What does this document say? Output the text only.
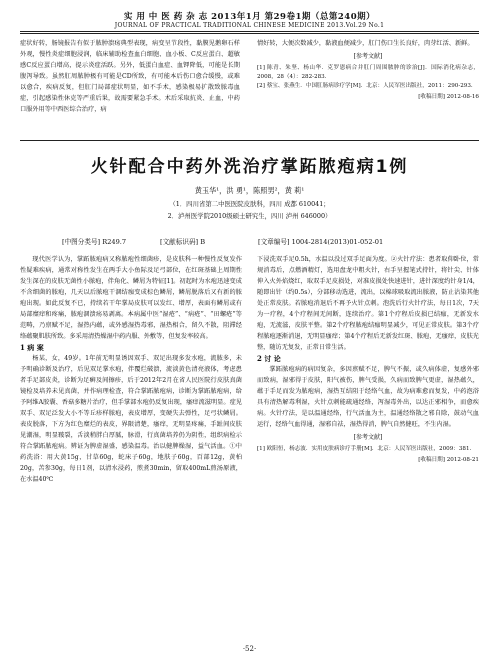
实 用 中 医 药 杂 志 2013年1月 第29卷1期（总第240期）
JOURNAL OF PRACTICAL TRADITIONAL CHINESE MEDICINE 2013.Vol.29 No.1

症状好转，肠镜报告有似于脓肿溃疡典型表现，病变呈节段性，黏膜见鹅卵石样外观，慢性炎症细胞浸润，临床辅助检查血白细胞、血小板、C反应蛋白、超敏感C反应蛋白增高，提示炎症活跃。另外，低蛋白血症、血钾降低，可能是长期腹泻导致。虽然肛周脓肿极有可能是CD所致，有可能本后伤口愈合缓慢，或难以愈合，疾病反复，但肛门局部症状明显，如不手术，感染极易扩散致脓毒血症，引起感染性休克等严重后果，故需要紧急手术。术后采取抗炎、止血，中药口服外用等中西医综合治疗，病

情好转，大便次数减少，黏液血便减少，肛门伤口生长良好，肉芽红活、新鲜。

[参考文献]
[1] 陈青、朱坚、杨山华．克罗恩病合并肛门周围脓肿的诊治[J]．国际消化病杂志，2008，28（4）：282-283.
[2] 蔡宝、张燕生．中国肛肠病诊疗学[M]．北京：人民军医出版社，2011：290-293.
[收稿日期] 2012-08-16
火针配合中药外洗治疗掌跖脓疱病1例
黄玉华¹，洪 勇¹，陈照男²，黄 莉¹
（1．四川省第二中医医院皮肤科，四川 成都 610041；
2．泸州医学院2010级硕士研究生，四川 泸州 646000）
[中图分类号] R249.7	[文献标识码] B	[文章编号] 1004-2814(2013)01-052-01

现代医学认为，掌跖脓疱病又称脓疱性细菌疹，是皮肤科一种慢性反复发作性疑难疾病，通常对称性发生在两手大小鱼际及足弓部位，在红斑基础上周期性发生深在的皮肤无菌性小脓疱，伴角化、鳞屑为特征[1]。初起时为水疱迅速变成不含细菌的脓疱，几天以后脓疱干涸结痂变成棕色鳞屑，鳞屑脱落后又有新的脓疱出现。如此反复不已，持续若干年掌局皮肤可以发红、增厚，表面有鳞屑或有局部糜痒和疼痛，脓疱涸溃疡易剥离。本病属中医“湿疮”、“病疮”、“田螺疮”等范畴，乃禀赋不足，湿热内蕴，或外感湿热毒邪，湿热相合，留久不散，阻滞经络蕴聚肌肤所致。多采用清热燥湿中药内服、外敷等，但复发率较高。

1 病 案

杨某，女，49岁。1年前无明显诱因双手、双足出现多发水疱，流脓多，未予明确诊断及治疗，后见双足掌水疱，伴覆烂破溃，流淡黄色清亮液体，考虑患者手足部皮炎，诊断为足癣及间擦疹，后于2012年2月在省人民医院行皮肤真菌镜检及培养未见真菌，并作病理检查，符合掌跖脓疱病，诊断为掌跖脓疱病，给予阿维A胶囊、香菇多糖片治疗，但手掌部水疱仍反复出现，瘙痒流滋明显。症见双手、双足泛发大小不等丘疹样脓疱，表皮增厚，变硬失去弹性，足弓状鳞屑。表皮脱落，下方为红色糜烂的表皮，界限清楚，瘙痒，无明显疼痛，手趾间皮肤见潮湿，明显皲裂，舌淡稍胖白厚腻，脉滑，行真菌培养仍为阴性，组织病检示符合掌跖脓疱病。辨证为脾虚湿盛，感染温毒。治以健脾燥湿，益气活血。①中药洗浴：用大黄15g，甘草60g，蛇床子60g，地肤子60g，百部12g，黄柏20g，苦参30g，每日1剂，以清水浸药，煎煮30min，留取400mL煎汤原液，在水温40℃

下浸洗双手足0.5h，水温以没过双手足面为度。②火针疗法：患者取仰卧位，常规消毒后，点燃酒精灯，选用盘龙中粗火针，右手呈握笔式持针，将针尖、针体伸入火外焰烧红，取双手足皮损处，对准皮损处快速进针，进针深度约针身1/4，随即出针（约0.5s），分部移动选进，流出，以棉球吸取流出脓液，防止沾染其他处正常皮肤。若脓疱消退后不再予火针点刺。泡洗后行火针疗法，每日1次，7天为一疗程，4个疗程间无间断，连续治疗。第1个疗程后皮损已结痂，无新发水疱，无流滋，皮肤平整。第2个疗程脓疱结痂明显减少，可见正常皮肤。第3个疗程脓疱逐渐消退，无明显瘙痒；第4个疗程后无新发红斑、脓疱，无瘙痒，皮肤光整，随访无复发，正常日常生活。

2 讨 论

掌跖脓疱病的病因复杂，多因禀赋不足，脾气不振，或久病体虚，复感外邪而致病，湿邪得于皮肤，阳气被伤，脾气受损，久病而致脾气更虚，湿热蕴久，蕴于手足而发为脓疱病，湿热互结阻于经络气血，故为病难愈而复发，中药泡浴具有清热解毒利湿，火针点刺能疏通经络，泻湿毒外出，以达正邪相争，而愈疾病。火针疗法，是以温通经络，行气活血为主，温通经络散之邪自除，鼓动气血运行，经络气血得通，湿邪自祛，湿热得消，脾气自然健旺，不生内湿。

[参考文献]
[1] 欧阳恒，杨志波．实用皮肤病诊疗手册[M]．北京：人民军医出版社，2009：381.
[收稿日期] 2012-08-21
·52·
